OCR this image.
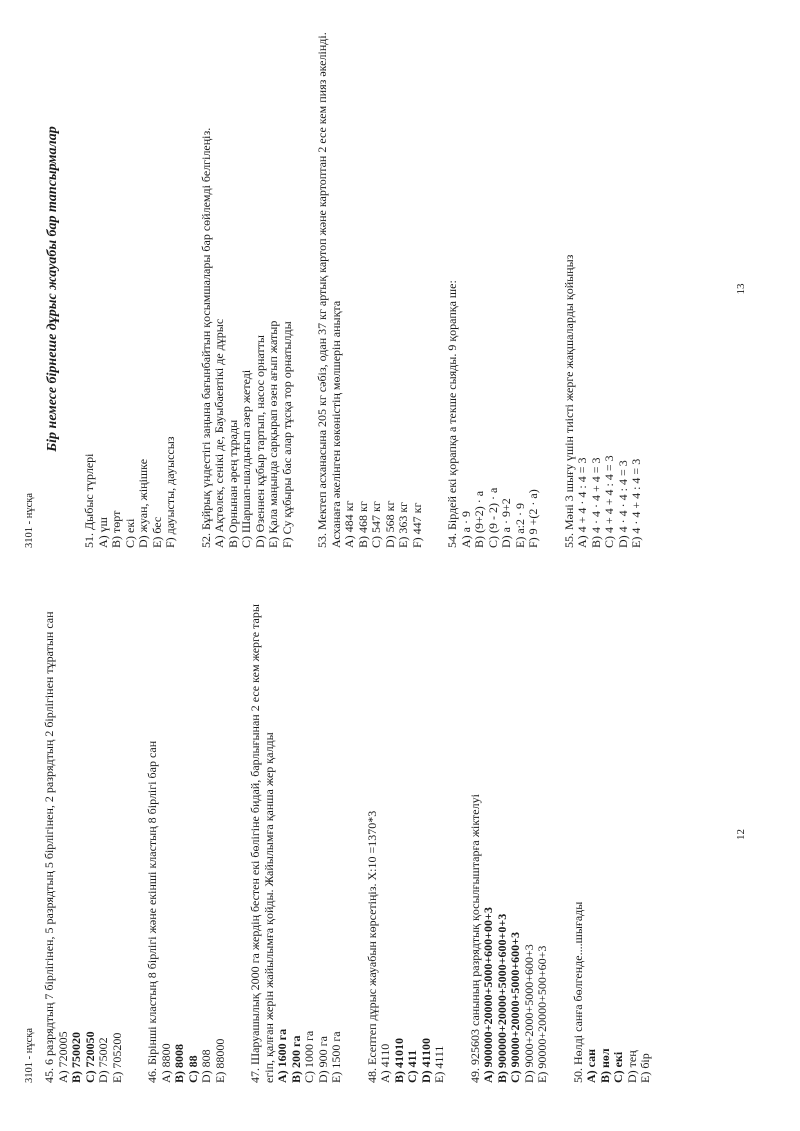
3101 - нұсқа 45. 6 разрядтың 7 бірлігінен, 5 разрядтың 5 бірлігінен, 2 разрядтың 2 бірлігінен тұратын сан А) 720005 В) 750020 С) 720050 D) 75002 Е) 705200 46. Бірінші кластың 8 бірлігі және екінші кластың 8 бірлігі бар сан А) 8800 В) 8008 С) 88 D) 808 Е) 88000 47. Шаруашылық 2000 га жердің бестен екі бөлігіне бидай, барлығынан 2 есе кем жерге тары егіп, қалған жерін жайылымға қойды. Жайылымға қанша жер қалды А) 1600 га В) 200 га С) 1000 га D) 900 га Е) 1500 га 48. Есептеп дұрыс жауабын көрсетіңіз. Х:10 =1370*3 А) 4110 В) 41010 С) 411 D) 41100 Е) 4111 49. 925603 санының разрядтық қосылғыштарға жіктелуі А) 900000+20000+5000+600+00+3 В) 900000+20000+5000+600+0+3 С) 90000+20000+5000+600+3 D) 9000+2000+5000+600+3 Е) 90000+20000+500+60+3 50. Нөлді санға бөлгенде....шығады А) сан В) нөл С) екі D) тең Е) бір

12
3101 - нұсқа
Бір немесе бірнеше дұрыс жауабы бар тапсырмалар

51. Дыбыс түрлері А) үш В) төрт С) екі D) жуан, жіңішке Е) бес F) дауысты, дауыссыз 52. Бұйрық үндестігі заңына бағынбайтын қосымшалары бар сөйлемді белгілеңіз. А) Ақтөлек, сенікі де, Бауыбаевтікі де дұрыс В) Орнынан әрең тұрады С) Шаршап-шалдығып әзер жетеді D) Өзеннен құбыр тартып, насос орнатты Е) Қала маңында сарқырап өзен ағып жатыр F) Су құбыры бас алар тұсқа тор орнатылды 53. Мектеп асханасына 205 кг сәбіз, одан 37 кг артық картоп және картоптан 2 есе кем пияз әкелінді. Асханаға әкелінген көкөністің мөлшерін анықта А) 484 кг В) 468 кг С) 547 кг D) 568 кг Е) 363 кг F) 447 кг 54. Бірдей екі қорапқа а текше сыяды. 9 қорапқа ше: А) а · 9 В) (9+2) · а С) (9 - 2) · а D) а · 9+2 Е) а:2 · 9 F) 9 +(2 · а) 55. Мәні 3 шығу үшін тиісті жерге жақшаларды қойыңыз А) 4 + 4 · 4 : 4 = 3 В) 4 · 4 · 4 + 4 = 3 С) 4 + 4 + 4 : 4 = 3 D) 4 · 4 · 4 : 4 = 3 Е) 4 · 4 + 4 : 4 = 3

13
